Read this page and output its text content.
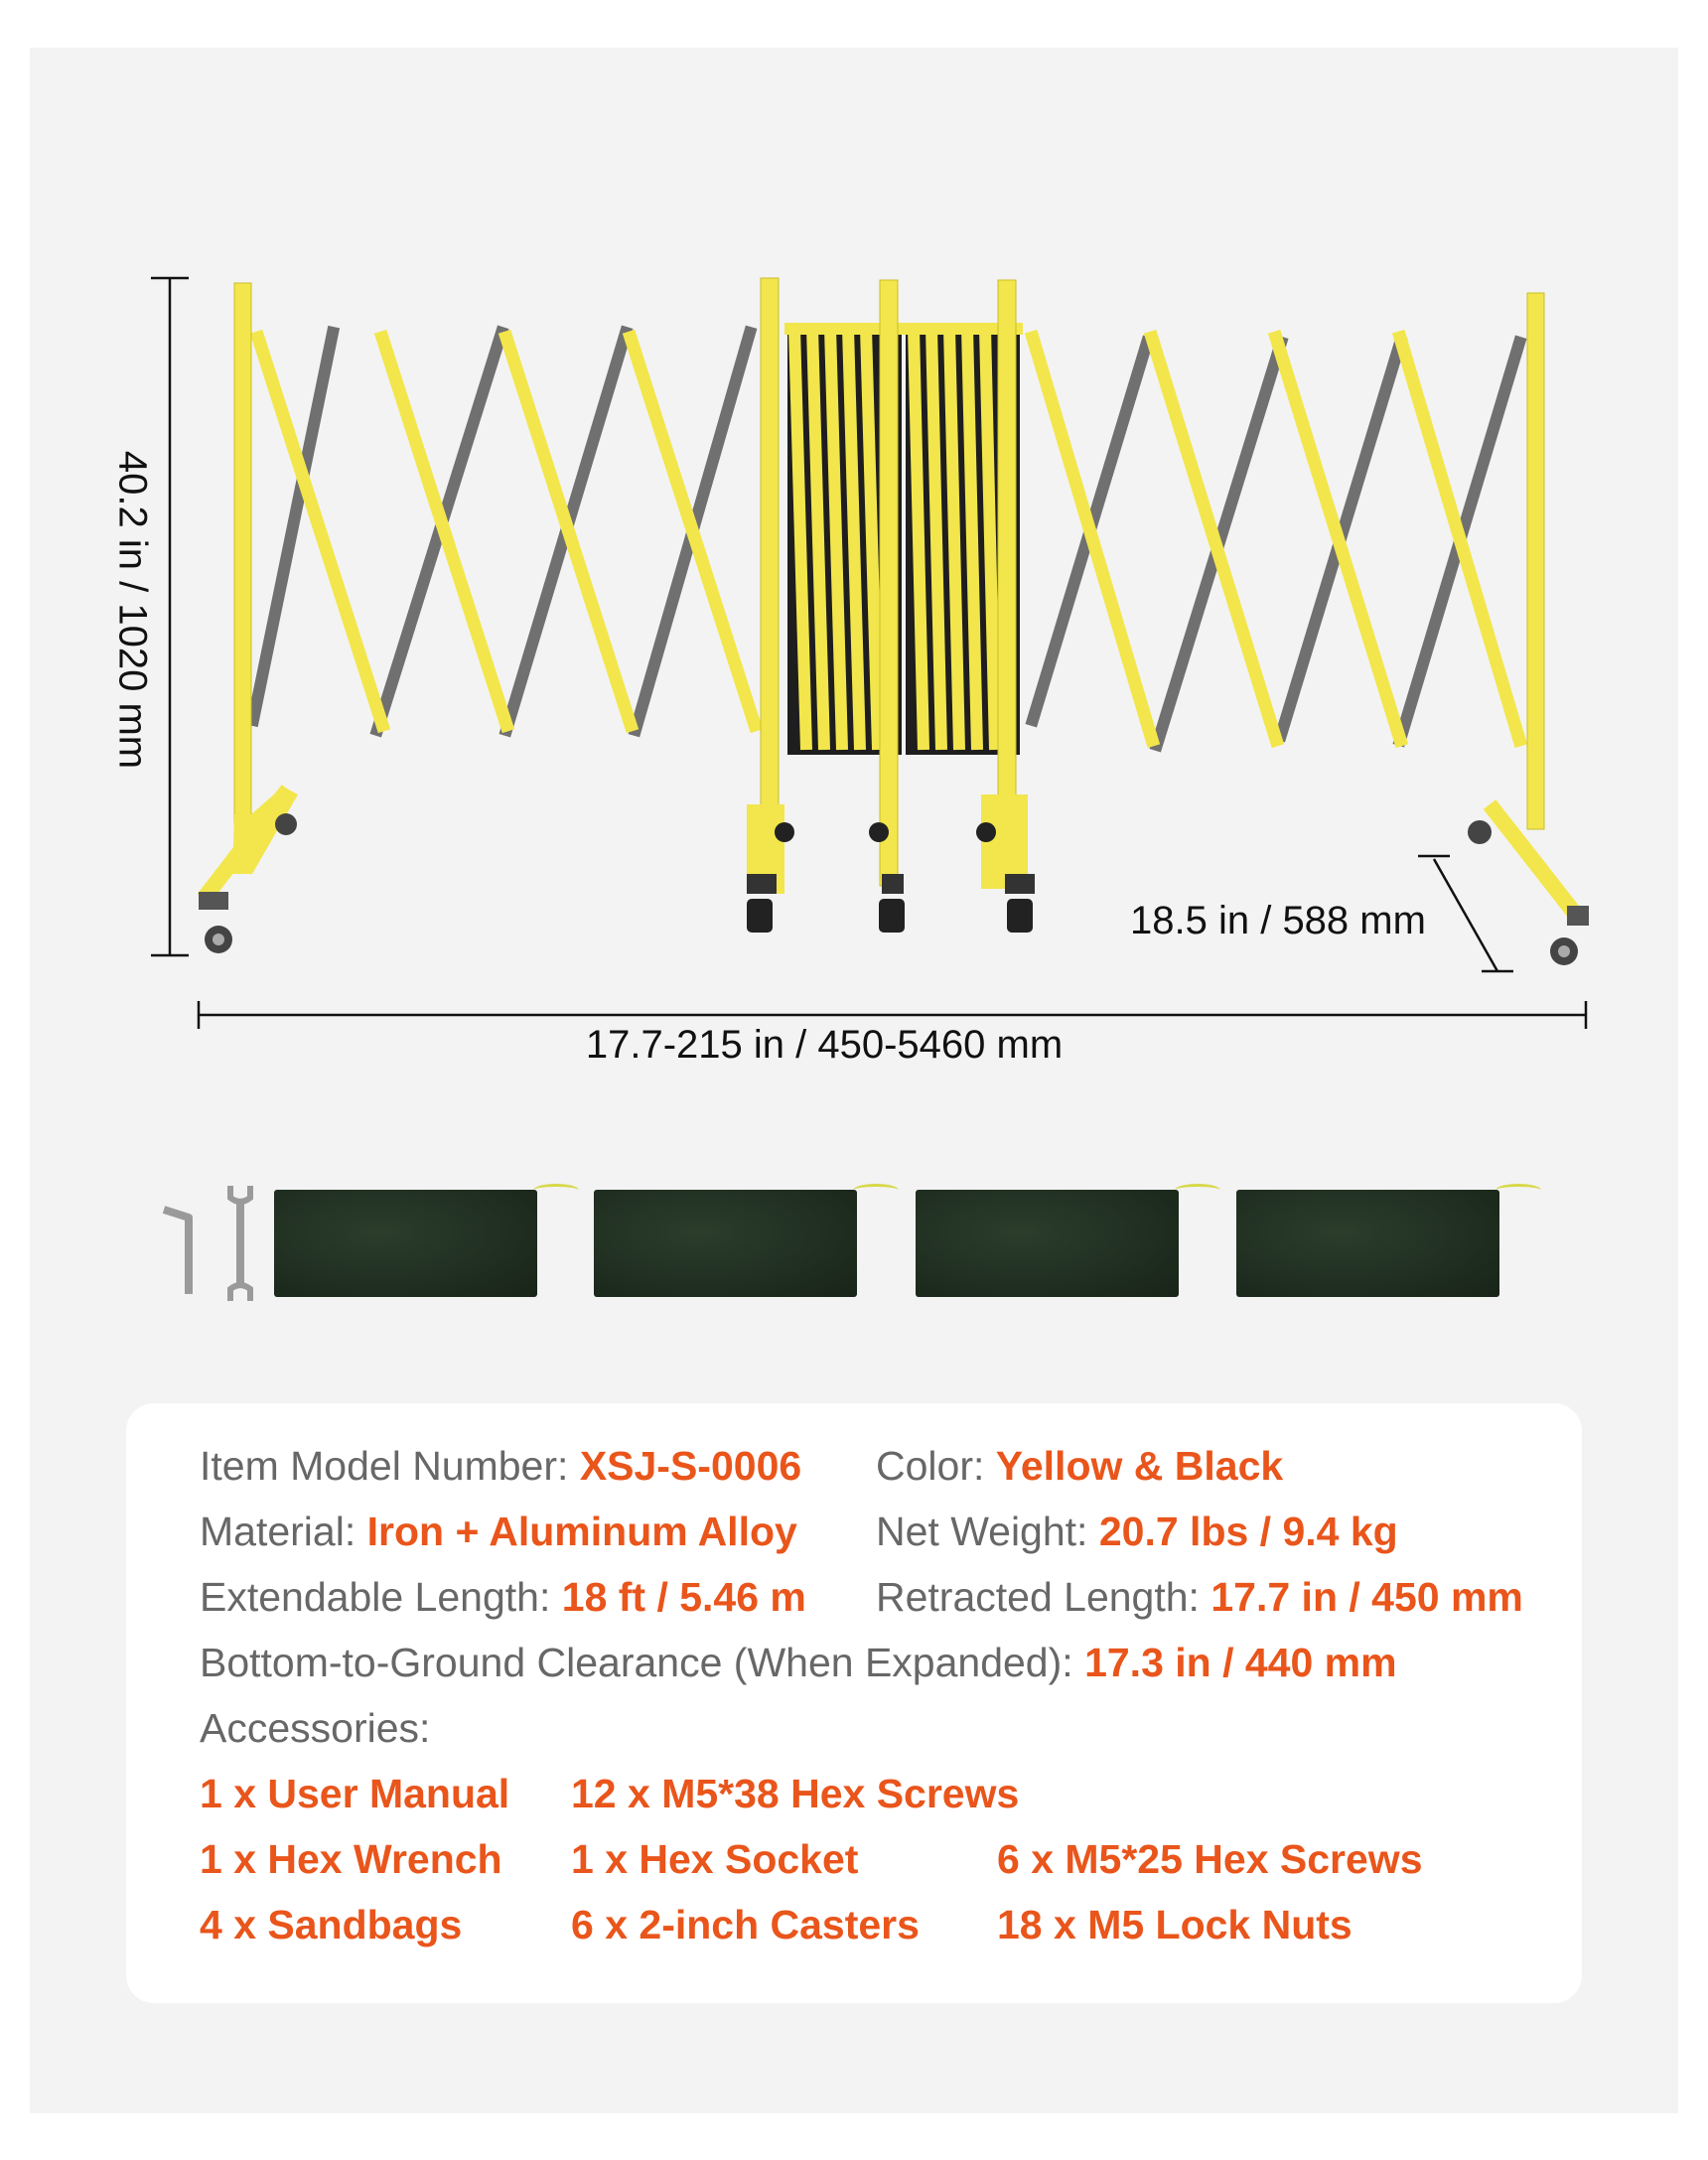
40.2 in / 1020 mm
18.5 in / 588 mm
17.7-215 in / 450-5460 mm
Item Model Number: XSJ-S-0006 Color: Yellow & Black
Material: Iron + Aluminum Alloy Net Weight: 20.7 lbs / 9.4 kg
Extendable Length: 18 ft / 5.46 m Retracted Length: 17.7 in / 450 mm
Bottom-to-Ground Clearance (When Expanded): 17.3 in / 440 mm
Accessories:
1 x User Manual 12 x M5*38 Hex Screws
1 x Hex Wrench 1 x Hex Socket	6 x M5*25 Hex Screws
4 x Sandbags	6 x 2-inch Casters 18 x M5 Lock Nuts
